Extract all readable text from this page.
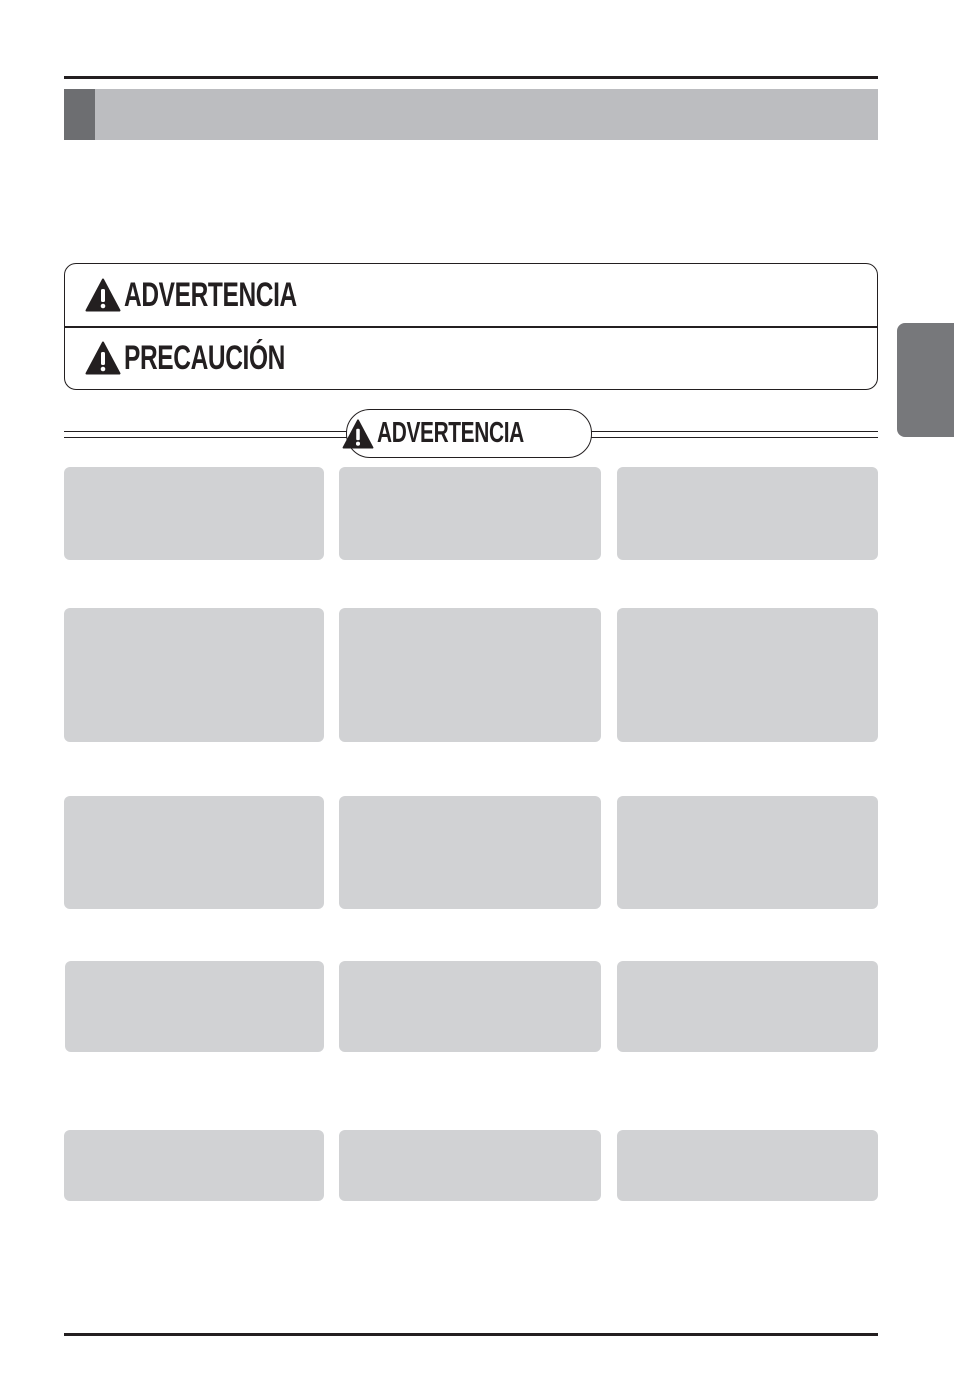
ADVERTENCIA
PRECAUCIÓN
ADVERTENCIA
